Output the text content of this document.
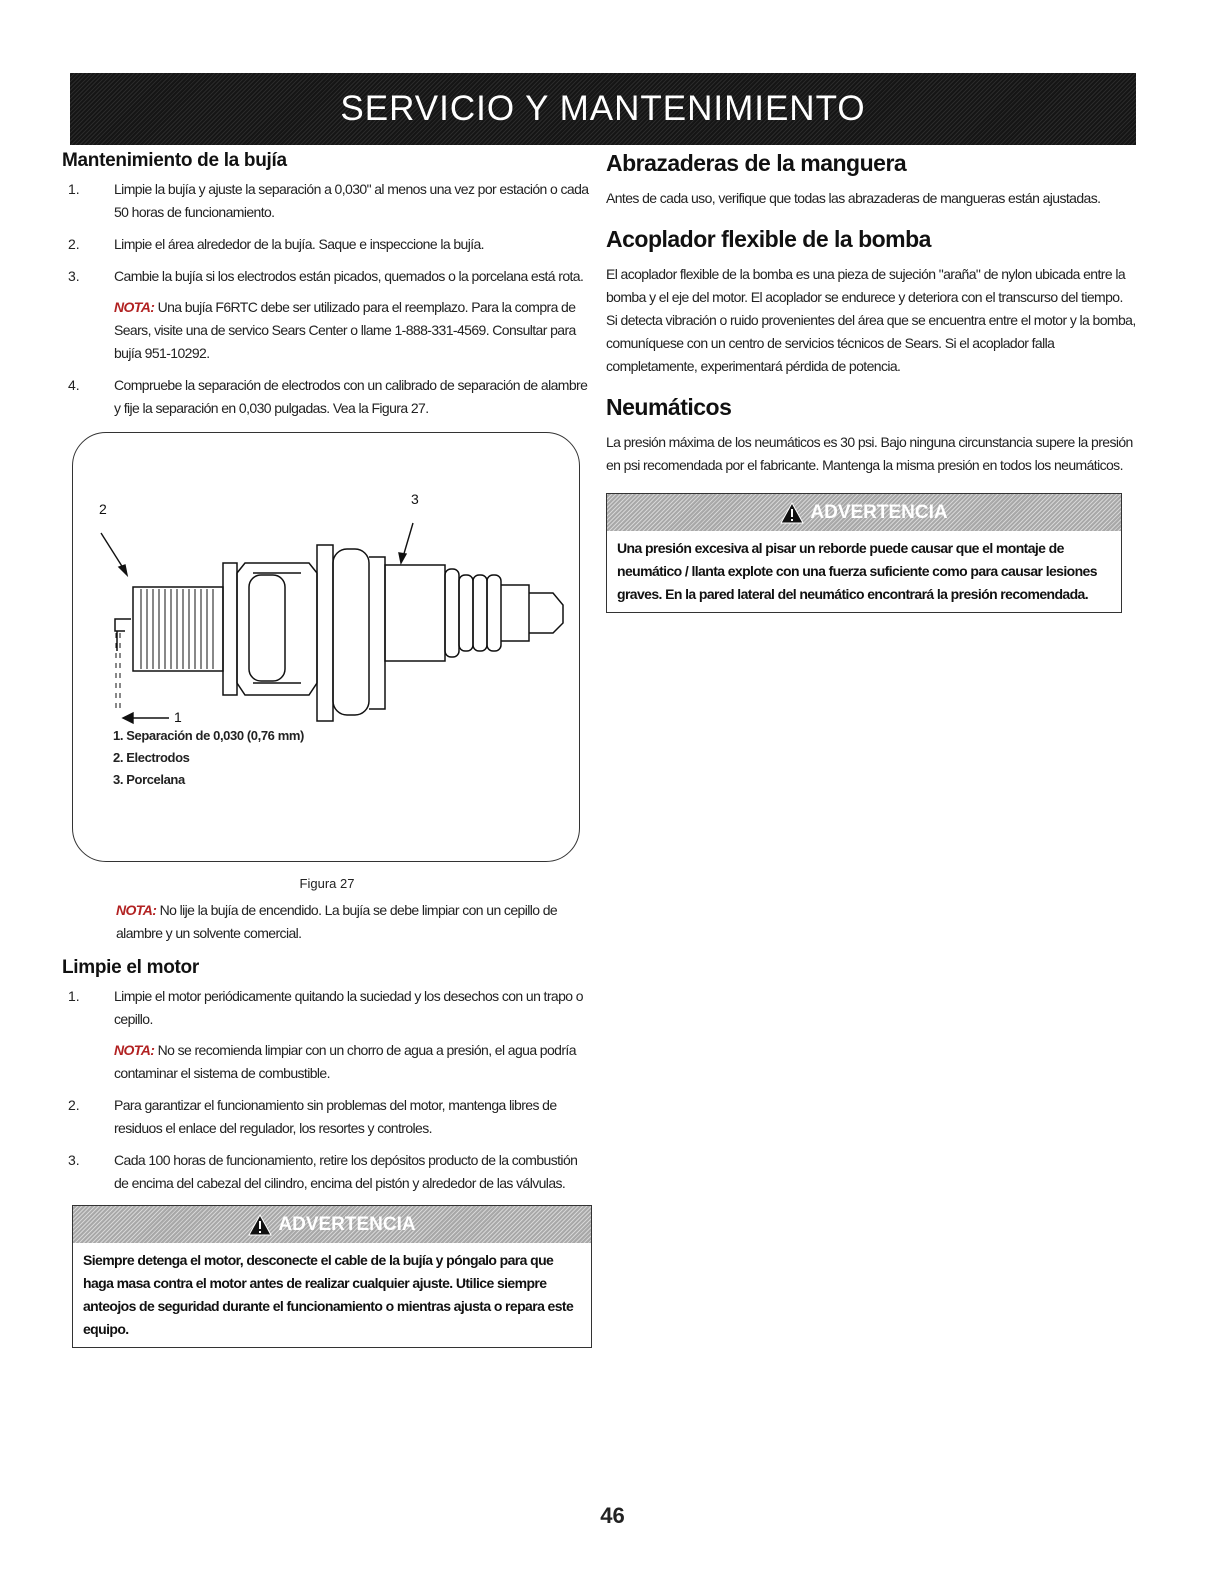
SERVICIO Y MANTENIMIENTO
Mantenimiento de la bujía
1. Limpie la bujía y ajuste la separación a 0,030" al menos una vez por estación o cada 50 horas de funcionamiento.

2. Limpie el área alrededor de la bujía. Saque e inspeccione la bujía.

3. Cambie la bujía si los electrodos están picados, quemados o la porcelana está rota.

NOTA: Una bujía F6RTC debe ser utilizado para el reemplazo. Para la compra de Sears, visite una de servico Sears Center o llame 1-888-331-4569. Consultar para bujía 951-10292.

4. Compruebe la separación de electrodos con un calibrado de separación de alambre y fije la separación en 0,030 pulgadas. Vea la Figura 27.

2
3
1
1. Separación de 0,030 (0,76 mm)
2. Electrodos
3. Porcelana
Figura 27

NOTA: No lije la bujía de encendido. La bujía se debe limpiar con un cepillo de alambre y un solvente comercial.

Limpie el motor
1. Limpie el motor periódicamente quitando la suciedad y los desechos con un trapo o cepillo.

NOTA: No se recomienda limpiar con un chorro de agua a presión, el agua podría contaminar el sistema de combustible.

2. Para garantizar el funcionamiento sin problemas del motor, mantenga libres de residuos el enlace del regulador, los resortes y controles.

3. Cada 100 horas de funcionamiento, retire los depósitos producto de la combustión de encima del cabezal del cilindro, encima del pistón y alrededor de las válvulas.

ADVERTENCIA
Siempre detenga el motor, desconecte el cable de la bujía y póngalo para que haga masa contra el motor antes de realizar cualquier ajuste. Utilice siempre anteojos de seguridad durante el funcionamiento o mientras ajusta o repara este equipo.
Abrazaderas de la manguera

Antes de cada uso, verifique que todas las abrazaderas de mangueras están ajustadas.

Acoplador flexible de la bomba

El acoplador flexible de la bomba es una pieza de sujeción "araña" de nylon ubicada entre la bomba y el eje del motor. El acoplador se endurece y deteriora con el transcurso del tiempo. Si detecta vibración o ruido provenientes del área que se encuentra entre el motor y la bomba, comuníquese con un centro de servicios técnicos de Sears. Si el acoplador falla completamente, experimentará pérdida de potencia.

Neumáticos

La presión máxima de los neumáticos es 30 psi. Bajo ninguna circunstancia supere la presión en psi recomendada por el fabricante. Mantenga la misma presión en todos los neumáticos.

ADVERTENCIA
Una presión excesiva al pisar un reborde puede causar que el montaje de neumático / llanta explote con una fuerza suficiente como para causar lesiones graves. En la pared lateral del neumático encontrará la presión recomendada.
46
